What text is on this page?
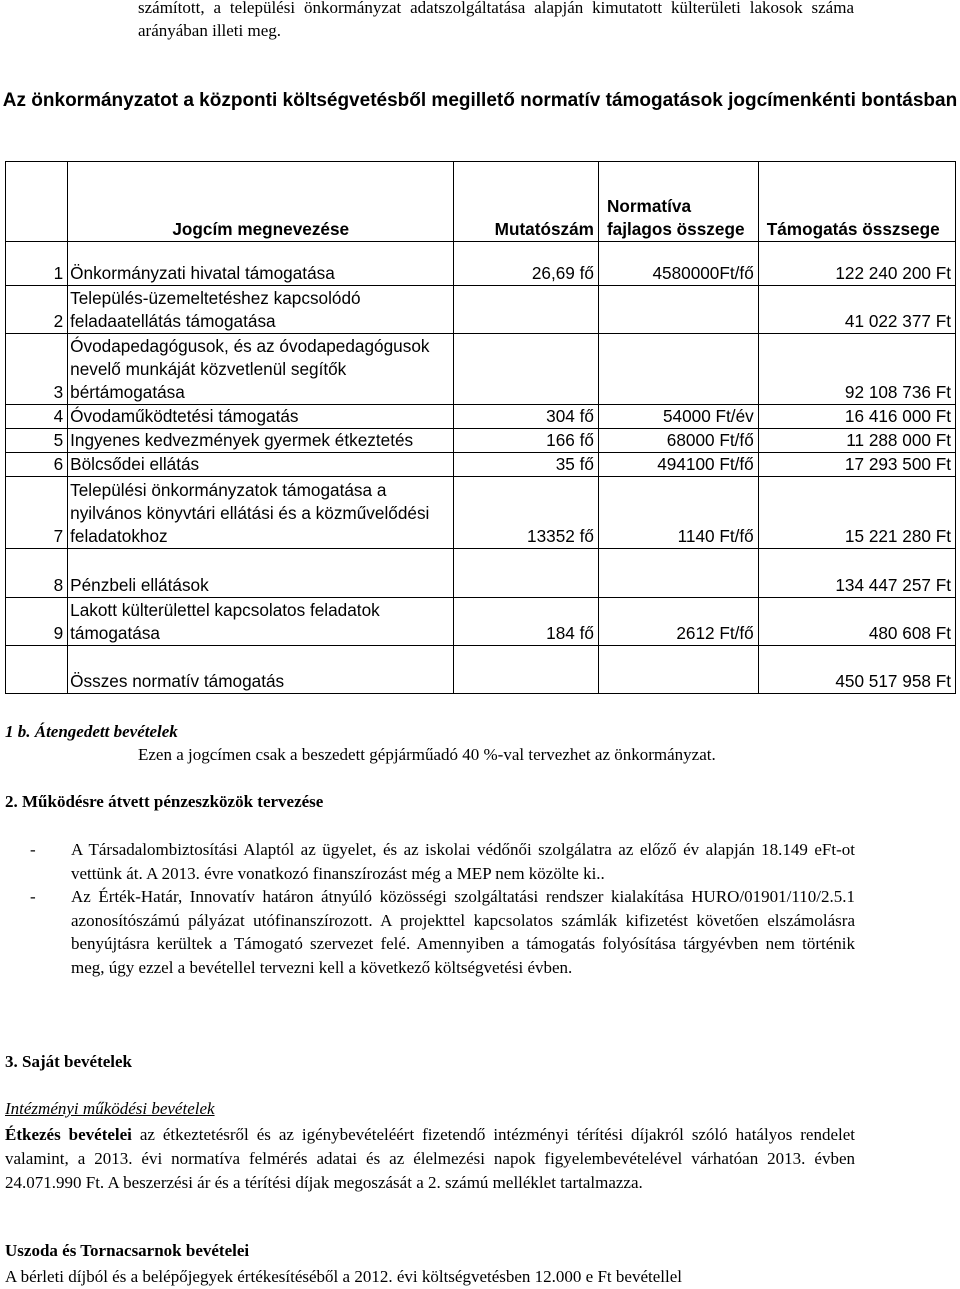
számított, a települési önkormányzat adatszolgáltatása alapján kimutatott külterületi lakosok száma arányában illeti meg.
Az önkormányzatot a központi költségvetésből megillető normatív támogatások jogcímenkénti bontásban
	Jogcím megnevezése	Mutatószám	Normatíva fajlagos összege	Támogatás összsege
1	Önkormányzati hivatal támogatása	26,69 fő	4580000Ft/fő	122 240 200 Ft
2	Település-üzemeltetéshez kapcsolódó feladaatellátás támogatása			41 022 377 Ft
3	Óvodapedagógusok, és az óvodapedagógusok nevelő munkáját közvetlenül segítők bértámogatása			92 108 736 Ft
4	Óvodaműködtetési támogatás	304 fő	54000 Ft/év	16 416 000 Ft
5	Ingyenes kedvezmények gyermek étkeztetés	166 fő	68000 Ft/fő	11 288 000 Ft
6	Bölcsődei ellátás	35 fő	494100 Ft/fő	17 293 500 Ft
7	Települési önkormányzatok támogatása a nyilvános könyvtári ellátási és a közművelődési feladatokhoz	13352 fő	1140 Ft/fő	15 221 280 Ft
8	Pénzbeli ellátások			134 447 257 Ft
9	Lakott külterülettel kapcsolatos feladatok támogatása	184 fő	2612 Ft/fő	480 608 Ft
	Összes normatív támogatás			450 517 958 Ft
1 b. Átengedett bevételek
Ezen a jogcímen csak a beszedett gépjárműadó 40 %-val tervezhet az önkormányzat.
2. Működésre átvett pénzeszközök tervezése
- A Társadalombiztosítási Alaptól az ügyelet, és az iskolai védőnői szolgálatra az előző év alapján 18.149 eFt-ot vettünk át. A 2013. évre vonatkozó finanszírozást még a MEP nem közölte ki..
- Az Érték-Határ, Innovatív határon átnyúló közösségi szolgáltatási rendszer kialakítása HURO/01901/110/2.5.1 azonosítószámú pályázat utófinanszírozott. A projekttel kapcsolatos számlák kifizetést követően elszámolásra benyújtásra kerültek a Támogató szervezet felé. Amennyiben a támogatás folyósítása tárgyévben nem történik meg, úgy ezzel a bevétellel tervezni kell a következő költségvetési évben.
3. Saját bevételek
Intézményi működési bevételek
Étkezés bevételei az étkeztetésről és az igénybevételéért fizetendő intézményi térítési díjakról szóló hatályos rendelet valamint, a 2013. évi normatíva felmérés adatai és az élelmezési napok figyelembevételével várhatóan 2013. évben 24.071.990 Ft. A beszerzési ár és a térítési díjak megoszását a 2. számú melléklet tartalmazza.
Uszoda és Tornacsarnok bevételei
A bérleti díjból és a belépőjegyek értékesítéséből a 2012. évi költségvetésben 12.000 e Ft bevétellel
